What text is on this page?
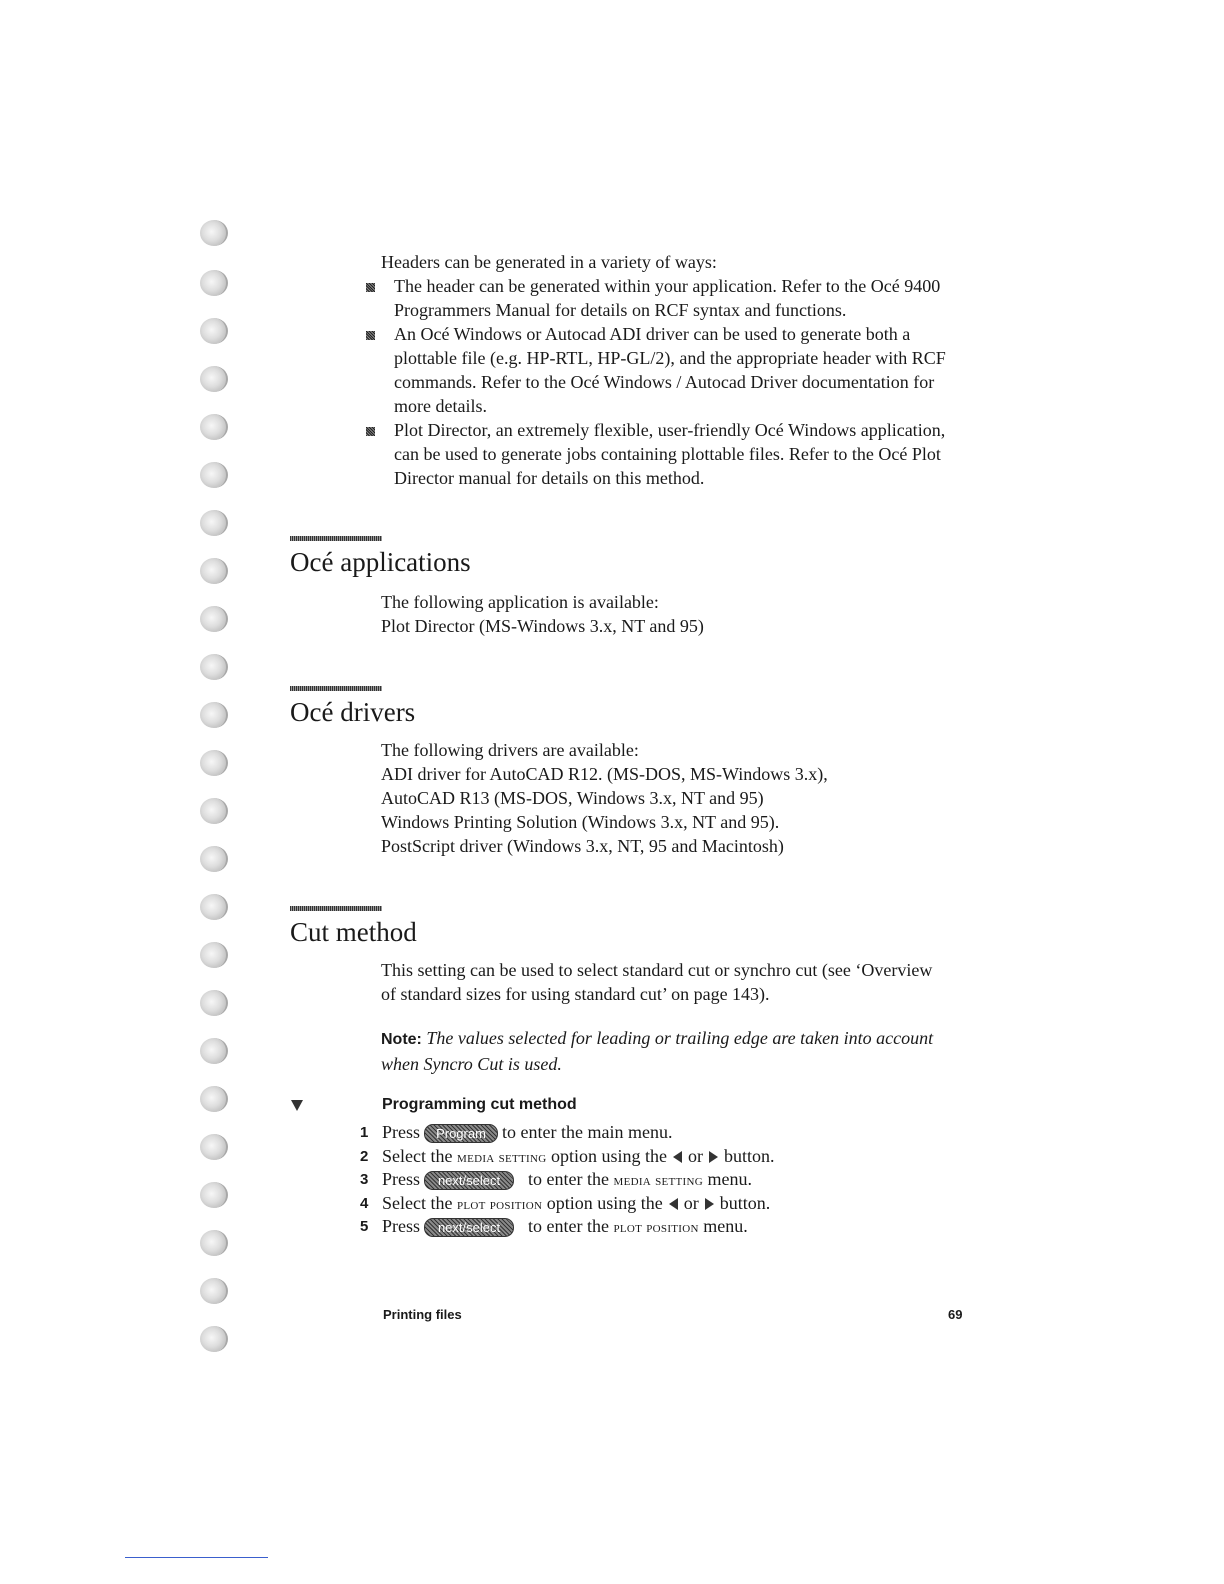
Headers can be generated in a variety of ways:
The header can be generated within your application. Refer to the Océ 9400
Programmers Manual for details on RCF syntax and functions.
An Océ Windows or Autocad ADI driver can be used to generate both a
plottable file (e.g. HP-RTL, HP-GL/2), and the appropriate header with RCF
commands. Refer to the Océ Windows / Autocad Driver documentation for
more details.
Plot Director, an extremely flexible, user-friendly Océ Windows application,
can be used to generate jobs containing plottable files. Refer to the Océ Plot
Director manual for details on this method.
Océ applications
The following application is available:
Plot Director (MS-Windows 3.x, NT and 95)
Océ drivers
The following drivers are available:
ADI driver for AutoCAD R12. (MS-DOS, MS-Windows 3.x),
AutoCAD R13 (MS-DOS, Windows 3.x, NT and 95)
Windows Printing Solution (Windows 3.x, NT and 95).
PostScript driver (Windows 3.x, NT, 95 and Macintosh)
Cut method
This setting can be used to select standard cut or synchro cut (see ‘Overview
of standard sizes for using standard cut’ on page 143).
Note: The values selected for leading or trailing edge are taken into account
when Syncro Cut is used.
Programming cut method
1 Press Program to enter the main menu.
2 Select the media setting option using the or button.
3 Press next/select to enter the media setting menu.
4 Select the plot position option using the or button.
5 Press next/select to enter the plot position menu.
Printing files	69
